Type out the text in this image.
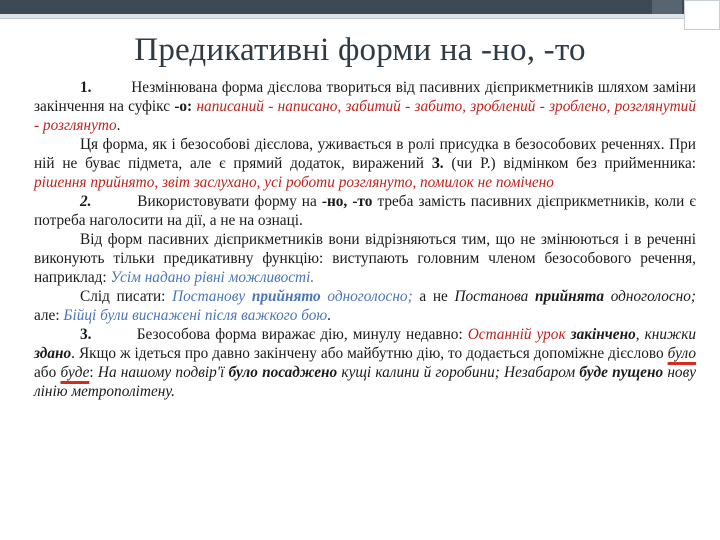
Предикативні форми на -но, -то

1.	Незмінювана форма дієслова твориться від пасивних дієприкметників шляхом заміни закінчення на суфікс -о: написаний - написано, забитий - забито, зроблений - зроблено, розглянутий - розглянуто.

Ця форма, як і безособові дієслова, уживається в ролі присудка в безособових реченнях. При ній не буває підмета, але є прямий додаток, виражений З. (чи Р.) відмінком без прийменника: рішення прийнято, звіт заслухано, усі роботи розглянуто, помилок не помічено

2.	Використовувати форму на -но, -то треба замість пасивних дієприкметників, коли є потреба наголосити на дії, а не на ознаці.

Від форм пасивних дієприкметників вони відрізняються тим, що не змінюються і в реченні виконують тільки предикативну функцію: виступають головним членом безособового речення, наприклад: Усім надано рівні можливості.

Слід писати: Постанову прийнято одноголосно; а не Постанова прийнята одноголосно; але: Бійці були виснажені після важкого бою.

3.	Безособова форма виражає дію, минулу недавно: Останній урок закінчено, книжки здано. Якщо ж ідеться про давно закінчену або майбутню дію, то додається допоміжне дієслово було або буде: На нашому подвір'ї було посаджено кущі калини й горобини; Незабаром буде пущено нову лінію метрополітену.
